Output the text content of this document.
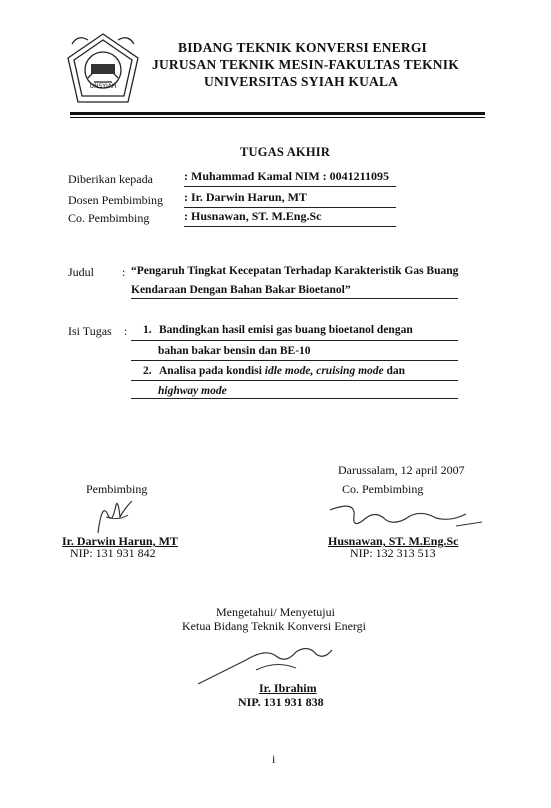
UNSYIAH
BIDANG TEKNIK KONVERSI ENERGI
JURUSAN TEKNIK MESIN-FAKULTAS TEKNIK
UNIVERSITAS SYIAH KUALA
TUGAS AKHIR
Diberikan kepada	: Muhammad Kamal NIM : 0041211095
Dosen Pembimbing : Ir. Darwin Harun, MT
Co. Pembimbing	: Husnawan, ST. M.Eng.Sc
Judul : “Pengaruh Tingkat Kecepatan Terhadap Karakteristik Gas Buang
Kendaraan Dengan Bahan Bakar Bioetanol”
Isi Tugas : 1. Bandingkan hasil emisi gas buang bioetanol dengan
bahan bakar bensin dan BE-10
2. Analisa pada kondisi idle mode, cruising mode dan
highway mode
Darussalam, 12 april 2007
Pembimbing
Ir. Darwin Harun, MT
NIP: 131 931 842
Co. Pembimbing
Husnawan, ST. M.Eng.Sc
NIP: 132 313 513
Mengetahui/ Menyetujui
Ketua Bidang Teknik Konversi Energi
Ir. Ibrahim
NIP. 131 931 838
i
